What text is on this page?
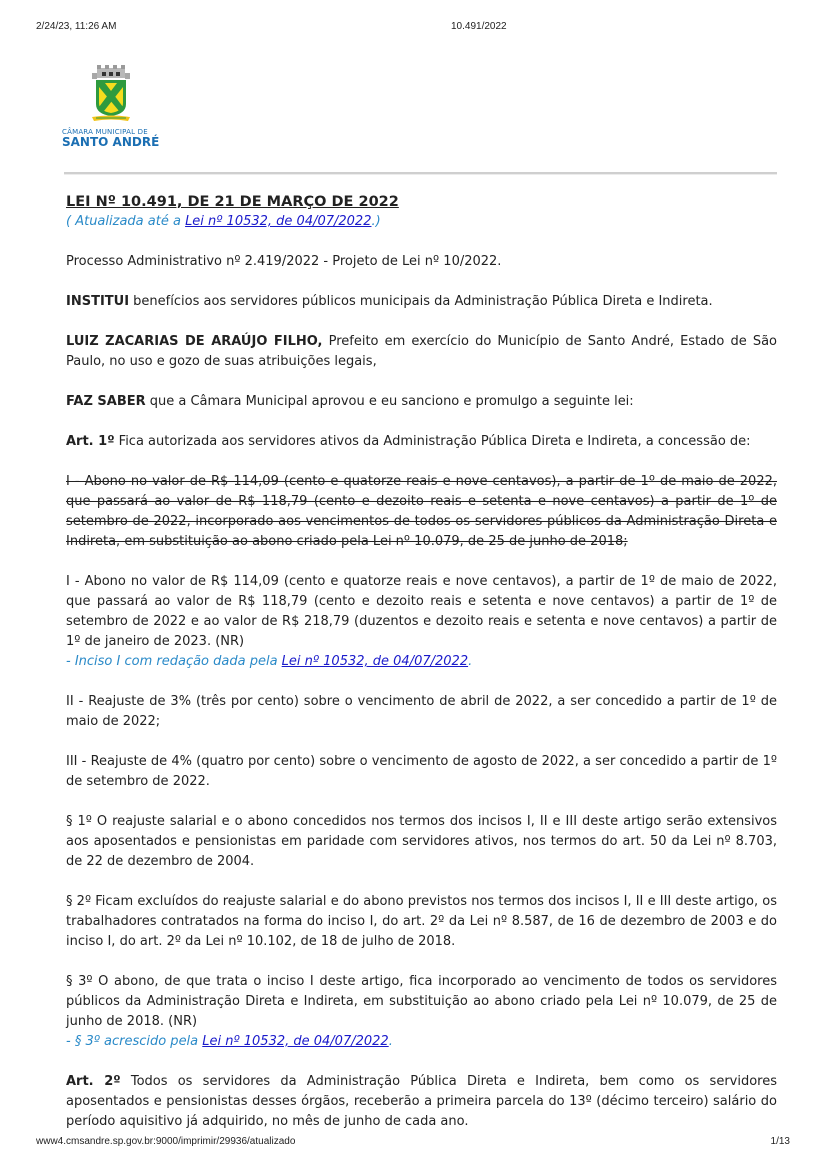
2/24/23, 11:26 AM	10.491/2022
CÂMARA MUNICIPAL DE
SANTO ANDRÉ

LEI Nº 10.491, DE 21 DE MARÇO DE 2022

( Atualizada até a Lei nº 10532, de 04/07/2022.)

Processo Administrativo nº 2.419/2022 - Projeto de Lei nº 10/2022.

INSTITUI benefícios aos servidores públicos municipais da Administração Pública Direta e Indireta.

LUIZ ZACARIAS DE ARAÚJO FILHO, Prefeito em exercício do Município de Santo André, Estado de São Paulo, no uso e gozo de suas atribuições legais,

FAZ SABER que a Câmara Municipal aprovou e eu sanciono e promulgo a seguinte lei:

Art. 1º Fica autorizada aos servidores ativos da Administração Pública Direta e Indireta, a concessão de:

I - Abono no valor de R$ 114,09 (cento e quatorze reais e nove centavos), a partir de 1º de maio de 2022, que passará ao valor de R$ 118,79 (cento e dezoito reais e setenta e nove centavos) a partir de 1º de setembro de 2022, incorporado aos vencimentos de todos os servidores públicos da Administração Direta e Indireta, em substituição ao abono criado pela Lei nº 10.079, de 25 de junho de 2018;

I - Abono no valor de R$ 114,09 (cento e quatorze reais e nove centavos), a partir de 1º de maio de 2022, que passará ao valor de R$ 118,79 (cento e dezoito reais e setenta e nove centavos) a partir de 1º de setembro de 2022 e ao valor de R$ 218,79 (duzentos e dezoito reais e setenta e nove centavos) a partir de 1º de janeiro de 2023. (NR)

- Inciso I com redação dada pela Lei nº 10532, de 04/07/2022.

II - Reajuste de 3% (três por cento) sobre o vencimento de abril de 2022, a ser concedido a partir de 1º de maio de 2022;

III - Reajuste de 4% (quatro por cento) sobre o vencimento de agosto de 2022, a ser concedido a partir de 1º de setembro de 2022.

§ 1º O reajuste salarial e o abono concedidos nos termos dos incisos I, II e III deste artigo serão extensivos aos aposentados e pensionistas em paridade com servidores ativos, nos termos do art. 50 da Lei nº 8.703, de 22 de dezembro de 2004.

§ 2º Ficam excluídos do reajuste salarial e do abono previstos nos termos dos incisos I, II e III deste artigo, os trabalhadores contratados na forma do inciso I, do art. 2º da Lei nº 8.587, de 16 de dezembro de 2003 e do inciso I, do art. 2º da Lei nº 10.102, de 18 de julho de 2018.

§ 3º O abono, de que trata o inciso I deste artigo, fica incorporado ao vencimento de todos os servidores públicos da Administração Direta e Indireta, em substituição ao abono criado pela Lei nº 10.079, de 25 de junho de 2018. (NR)

- § 3º acrescido pela Lei nº 10532, de 04/07/2022.

Art. 2º Todos os servidores da Administração Pública Direta e Indireta, bem como os servidores aposentados e pensionistas desses órgãos, receberão a primeira parcela do 13º (décimo terceiro) salário do período aquisitivo já adquirido, no mês de junho de cada ano.

www4.cmsandre.sp.gov.br:9000/imprimir/29936/atualizado	1/13
